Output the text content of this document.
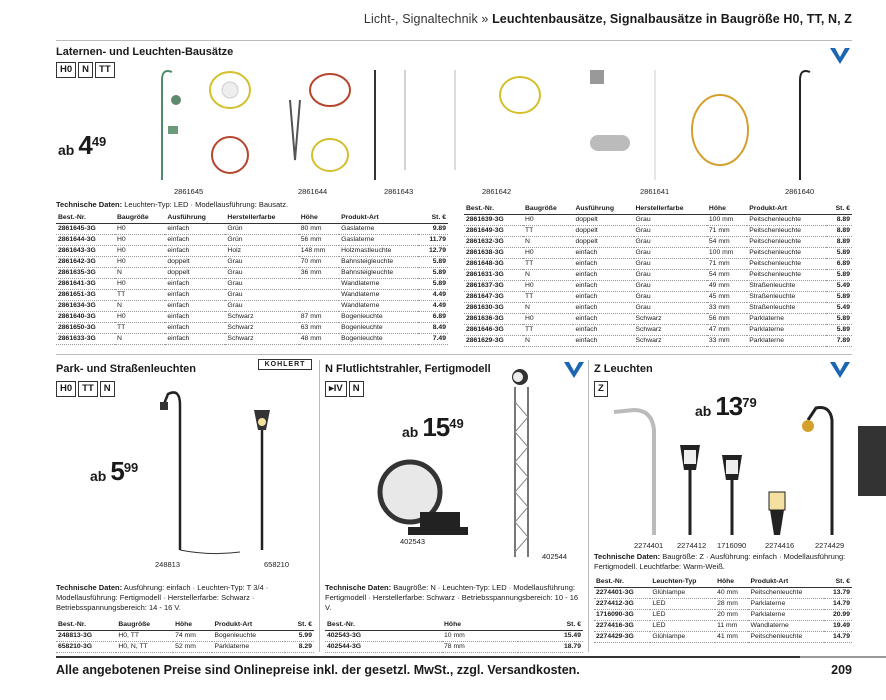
Licht-, Signaltechnik » Leuchtenbausätze, Signalbausätze in Baugröße H0, TT, N, Z
Laternen- und Leuchten-Bausätze
H0	N	TT
ab 4 49
2861645	2861644	2861643	2861642	2861641	2861640
Technische Daten: Leuchten-Typ: LED · Modellausführung: Bausatz.
Best.-Nr.	Baugröße	Ausführung	Herstellerfarbe	Höhe	Produkt-Art	St. €
2861645-3G	H0	einfach	Grün	80 mm	Gaslaterne	9.89
2861644-3G	H0	einfach	Grün	56 mm	Gaslaterne	11.79
2861643-3G	H0	einfach	Holz	148 mm	Holzmastleuchte	12.79
2861642-3G	H0	doppelt	Grau	70 mm	Bahnsteigleuchte	5.89
2861635-3G	N	doppelt	Grau	36 mm	Bahnsteigleuchte	5.89
2861641-3G	H0	einfach	Grau		Wandlaterne	5.89
2861651-3G	TT	einfach	Grau		Wandlaterne	4.49
2861634-3G	N	einfach	Grau		Wandlaterne	4.49
2861640-3G	H0	einfach	Schwarz	87 mm	Bogenleuchte	6.89
2861650-3G	TT	einfach	Schwarz	63 mm	Bogenleuchte	8.49
2861633-3G	N	einfach	Schwarz	48 mm	Bogenleuchte	7.49
Best.-Nr.	Baugröße	Ausführung	Herstellerfarbe	Höhe	Produkt-Art	St. €
2861639-3G	H0	doppelt	Grau	100 mm	Peitschenleuchte	8.89
2861649-3G	TT	doppelt	Grau	71 mm	Peitschenleuchte	8.89
2861632-3G	N	doppelt	Grau	54 mm	Peitschenleuchte	8.89
2861638-3G	H0	einfach	Grau	100 mm	Peitschenleuchte	5.89
2861648-3G	TT	einfach	Grau	71 mm	Peitschenleuchte	6.89
2861631-3G	N	einfach	Grau	54 mm	Peitschenleuchte	5.89
2861637-3G	H0	einfach	Grau	49 mm	Straßenleuchte	5.49
2861647-3G	TT	einfach	Grau	45 mm	Straßenleuchte	5.89
2861630-3G	N	einfach	Grau	33 mm	Straßenleuchte	5.49
2861636-3G	H0	einfach	Schwarz	56 mm	Parklaterne	5.89
2861646-3G	TT	einfach	Schwarz	47 mm	Parklaterne	5.89
2861629-3G	N	einfach	Schwarz	33 mm	Parklaterne	7.89
Park- und Straßenleuchten	KOHLERT
H0	TT	N
ab 5 99
248813	658210
Technische Daten: Ausführung: einfach · Leuchten-Typ: T 3/4 · Modellausführung: Fertigmodell · Herstellerfarbe: Schwarz · Betriebsspannungsbereich: 14 - 16 V.
Best.-Nr.	Baugröße	Höhe	Produkt-Art	St. €
248813-3G	H0, TT	74 mm	Bogenleuchte	5.99
658210-3G	H0, N, TT	52 mm	Parklaterne	8.29
N Flutlichtstrahler, Fertigmodell
▸IV	N
ab 15 49
402543
402544
Technische Daten: Baugröße: N · Leuchten-Typ: LED · Modellausführung: Fertigmodell · Herstellerfarbe: Schwarz · Betriebsspannungsbereich: 10 - 16 V.
Best.-Nr.	Höhe	St. €
402543-3G	10 mm	15.49
402544-3G	78 mm	18.79
Z Leuchten
Z
ab 13 79
2274401 2274412 1716090	2274416	2274429
Technische Daten: Baugröße: Z · Ausführung: einfach · Modellausführung: Fertigmodell. Leuchtfarbe: Warm-Weiß.
Best.-Nr.	Leuchten-Typ	Höhe	Produkt-Art	St. €
2274401-3G	Glühlampe	40 mm	Peitschenleuchte	13.79
2274412-3G	LED	28 mm	Parklaterne	14.79
1716090-3G	LED	20 mm	Parklaterne	20.99
2274416-3G	LED	11 mm	Wandlaterne	19.49
2274429-3G	Glühlampe	41 mm	Peitschenleuchte	14.79
Alle angebotenen Preise sind Onlinepreise inkl. der gesetzl. MwSt., zzgl. Versandkosten.	209
